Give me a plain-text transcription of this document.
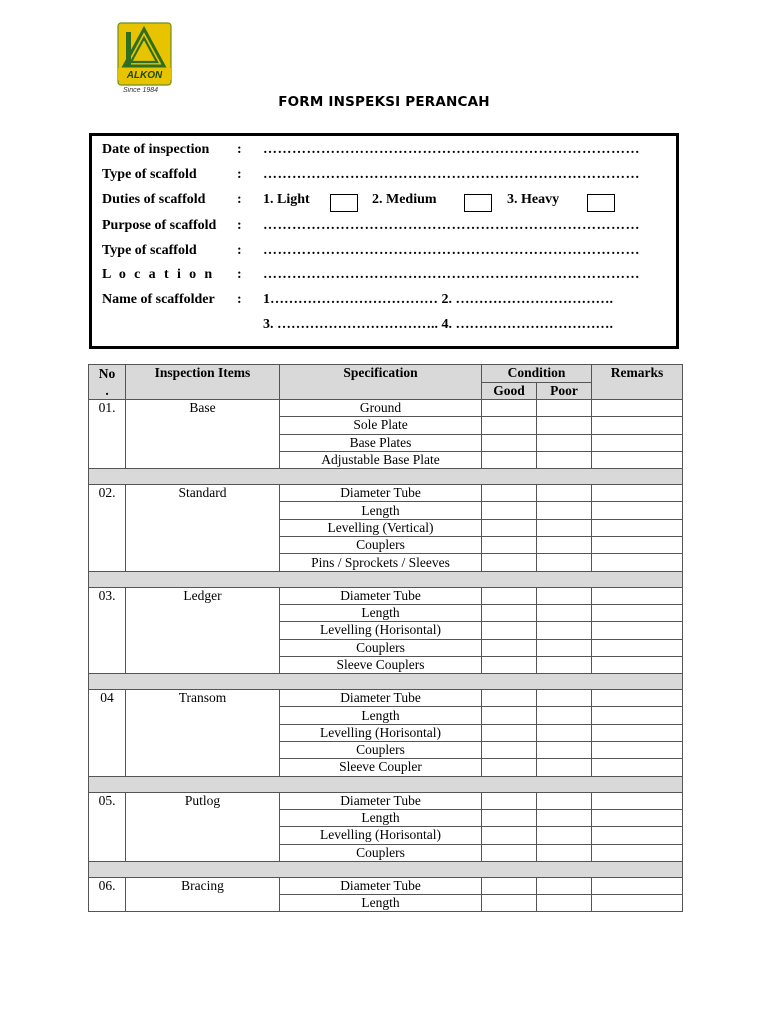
ALKON
Since 1984
FORM INSPEKSI PERANCAH
Date of inspection : ……………………………………………………………………
Type of scaffold	: ……………………………………………………………………
Duties of scaffold : 1. Light	2. Medium	3. Heavy
Purpose of scaffold : ……………………………………………………………………
Type of scaffold	: ……………………………………………………………………
L o c a t i o n : ……………………………………………………………………
Name of scaffolder : 1……………………………… 2. …………………………….
3. …………………………….. 4. …………………………….
No
.	Inspection Items	Specification	Condition		Remarks
			Good	Poor	
01.	Base	Ground			
		Sole Plate			
		Base Plates			
		Adjustable Base Plate			

02.	Standard	Diameter Tube			
		Length			
		Levelling (Vertical)			
		Couplers			
		Pins / Sprockets / Sleeves			

03.	Ledger	Diameter Tube			
		Length			
		Levelling (Horisontal)			
		Couplers			
		Sleeve Couplers			

04	Transom	Diameter Tube			
		Length			
		Levelling (Horisontal)			
		Couplers			
		Sleeve Coupler			

05.	Putlog	Diameter Tube			
		Length			
		Levelling (Horisontal)			
		Couplers			

06.	Bracing	Diameter Tube			
		Length			
